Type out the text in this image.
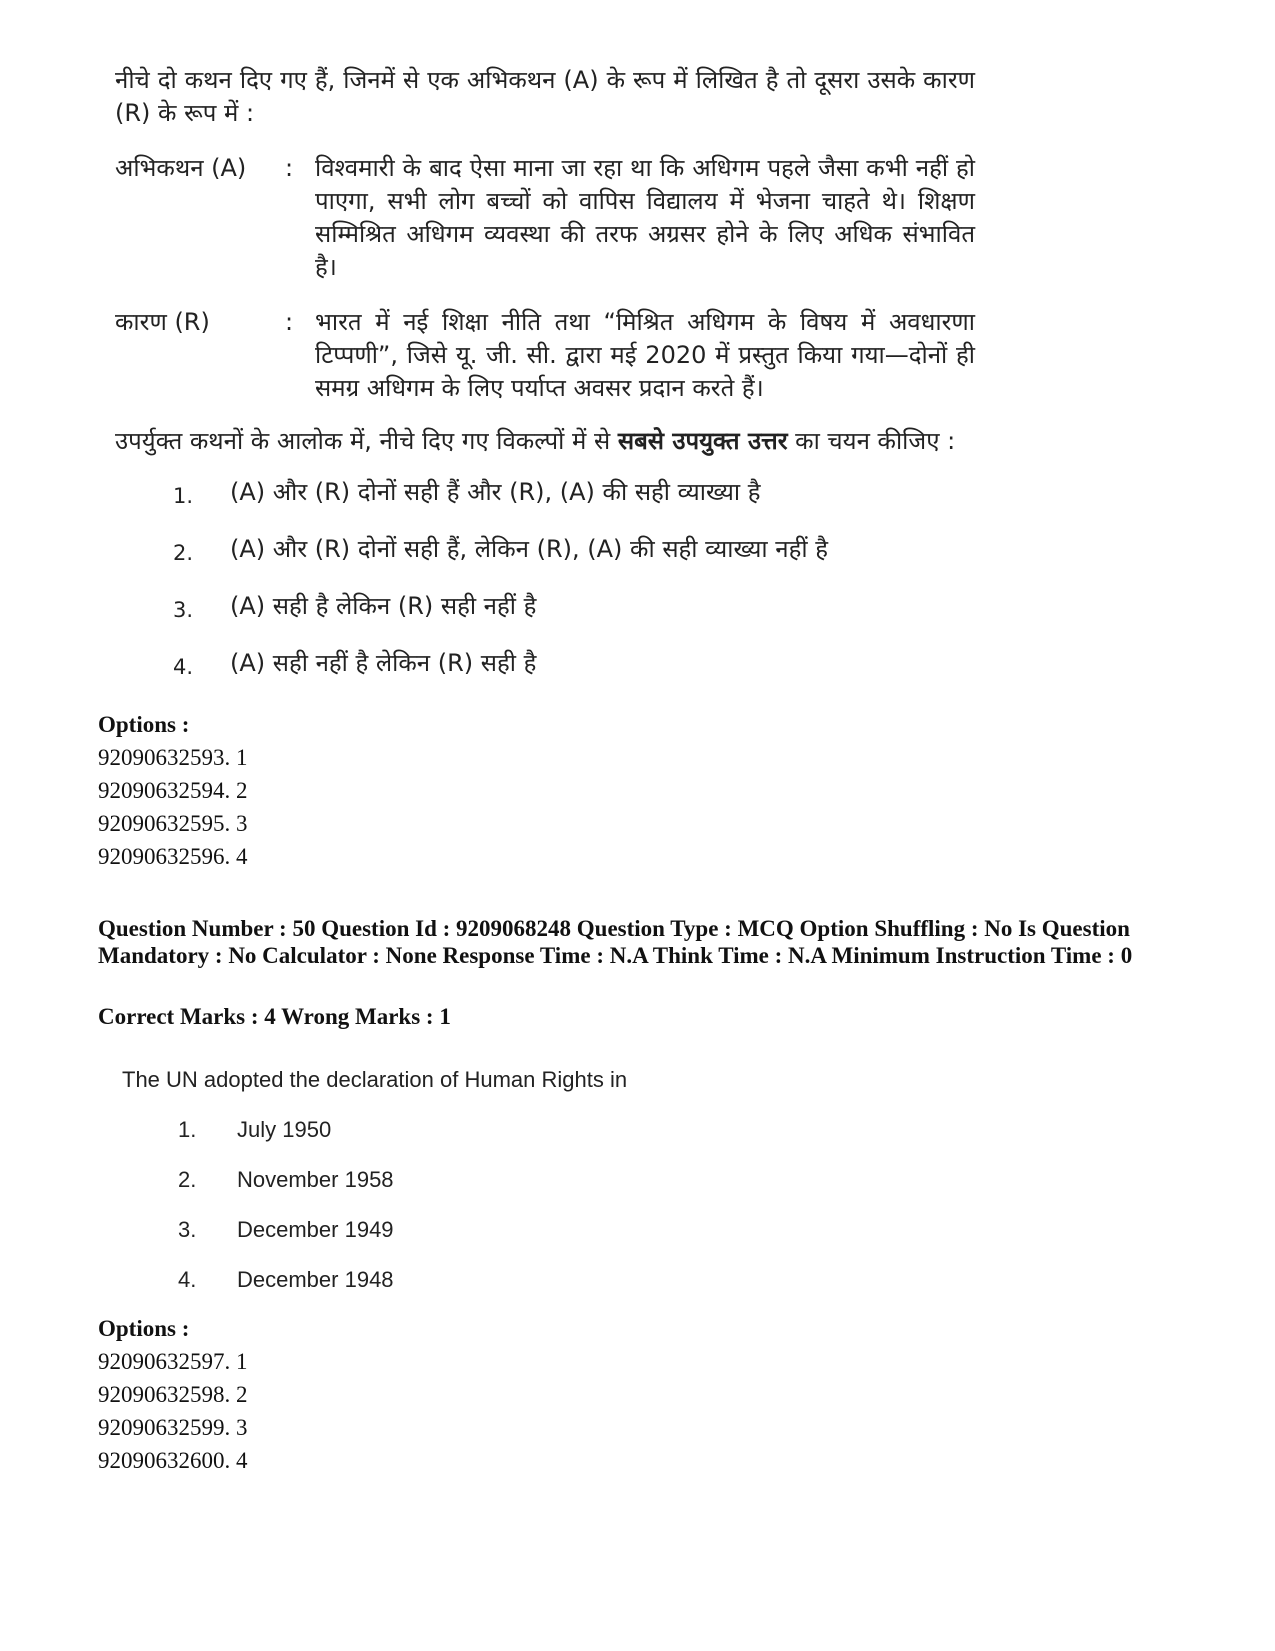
नीचे दो कथन दिए गए हैं, जिनमें से एक अभिकथन (A) के रूप में लिखित है तो दूसरा उसके कारण (R) के रूप में :

अभिकथन (A) : विश्वमारी के बाद ऐसा माना जा रहा था कि अधिगम पहले जैसा कभी नहीं हो पाएगा, सभी लोग बच्चों को वापिस विद्यालय में भेजना चाहते थे। शिक्षण सम्मिश्रित अधिगम व्यवस्था की तरफ अग्रसर होने के लिए अधिक संभावित है।
कारण (R)	: भारत में नई शिक्षा नीति तथा “मिश्रित अधिगम के विषय में अवधारणा टिप्पणी”, जिसे यू. जी. सी. द्वारा मई 2020 में प्रस्तुत किया गया—दोनों ही समग्र अधिगम के लिए पर्याप्त अवसर प्रदान करते हैं।

उपर्युक्त कथनों के आलोक में, नीचे दिए गए विकल्पों में से सबसे उपयुक्त उत्तर का चयन कीजिए :

1. (A) और (R) दोनों सही हैं और (R), (A) की सही व्याख्या है
2. (A) और (R) दोनों सही हैं, लेकिन (R), (A) की सही व्याख्या नहीं है
3. (A) सही है लेकिन (R) सही नहीं है
4. (A) सही नहीं है लेकिन (R) सही है
Options :
92090632593. 1
92090632594. 2
92090632595. 3
92090632596. 4
Question Number : 50 Question Id : 9209068248 Question Type : MCQ Option Shuffling : No Is Question Mandatory : No Calculator : None Response Time : N.A Think Time : N.A Minimum Instruction Time : 0
Correct Marks : 4 Wrong Marks : 1
The UN adopted the declaration of Human Rights in
1. July 1950
2. November 1958
3. December 1949
4. December 1948
Options :
92090632597. 1
92090632598. 2
92090632599. 3
92090632600. 4
